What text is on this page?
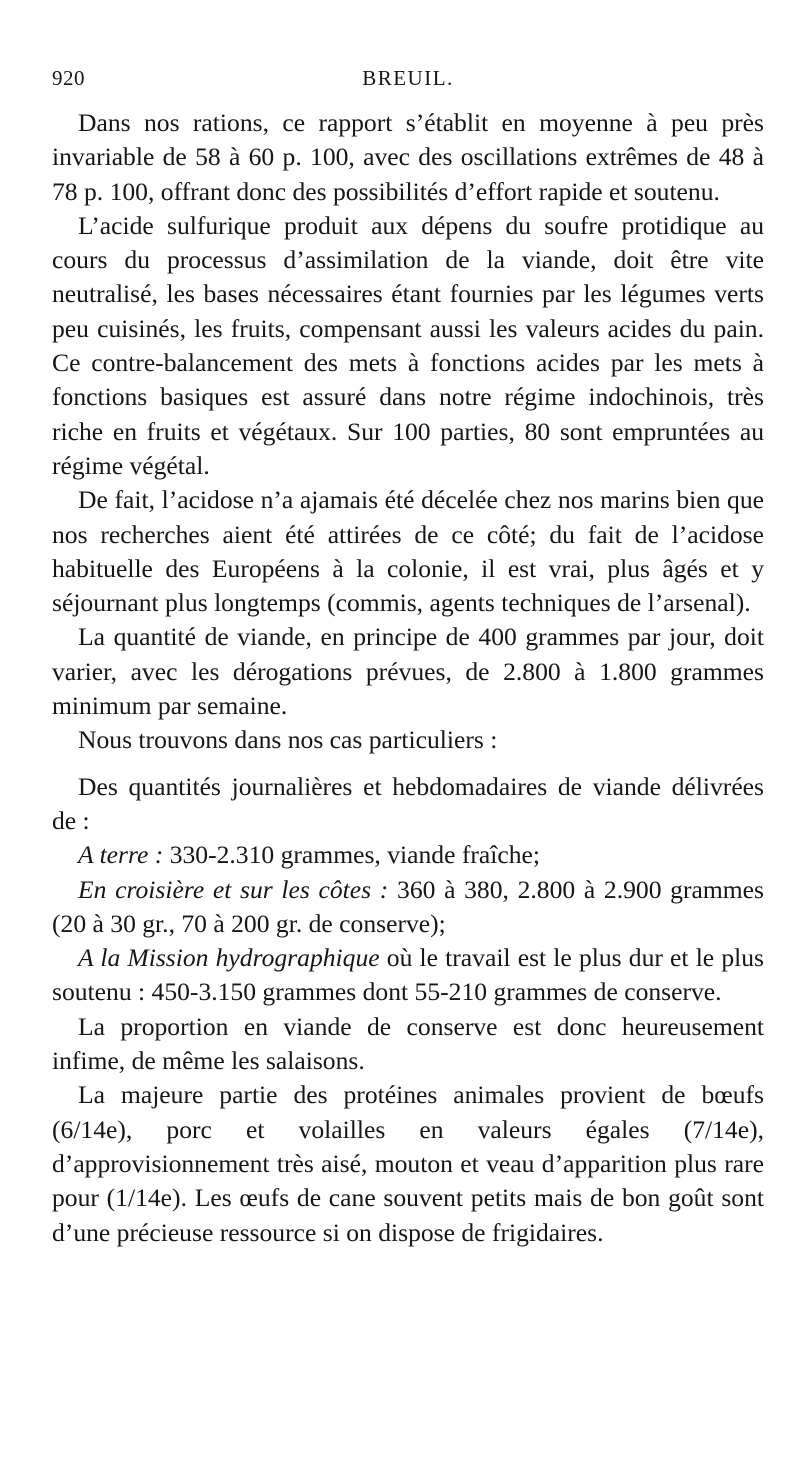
920	BREUIL.

Dans nos rations, ce rapport s’établit en moyenne à peu près invariable de 58 à 60 p. 100, avec des oscillations extrêmes de 48 à 78 p. 100, offrant donc des possibilités d’effort rapide et soutenu.

L’acide sulfurique produit aux dépens du soufre protidique au cours du processus d’assimilation de la viande, doit être vite neutralisé, les bases nécessaires étant fournies par les légumes verts peu cuisinés, les fruits, compensant aussi les valeurs acides du pain. Ce contre-balancement des mets à fonctions acides par les mets à fonctions basiques est assuré dans notre régime indochinois, très riche en fruits et végétaux. Sur 100 parties, 80 sont empruntées au régime végétal.

De fait, l’acidose n’a ajamais été décelée chez nos marins bien que nos recherches aient été attirées de ce côté; du fait de l’acidose habituelle des Européens à la colonie, il est vrai, plus âgés et y séjournant plus longtemps (commis, agents techniques de l’arsenal).

La quantité de viande, en principe de 400 grammes par jour, doit varier, avec les dérogations prévues, de 2.800 à 1.800 grammes minimum par semaine.

Nous trouvons dans nos cas particuliers :

Des quantités journalières et hebdomadaires de viande délivrées de :

A terre : 330-2.310 grammes, viande fraîche;

En croisière et sur les côtes : 360 à 380, 2.800 à 2.900 grammes (20 à 30 gr., 70 à 200 gr. de conserve);

A la Mission hydrographique où le travail est le plus dur et le plus soutenu : 450-3.150 grammes dont 55-210 grammes de conserve.

La proportion en viande de conserve est donc heureusement infime, de même les salaisons.

La majeure partie des protéines animales provient de bœufs (6/14e), porc et volailles en valeurs égales (7/14e), d’approvisionnement très aisé, mouton et veau d’apparition plus rare pour (1/14e). Les œufs de cane souvent petits mais de bon goût sont d’une précieuse ressource si on dispose de frigidaires.
